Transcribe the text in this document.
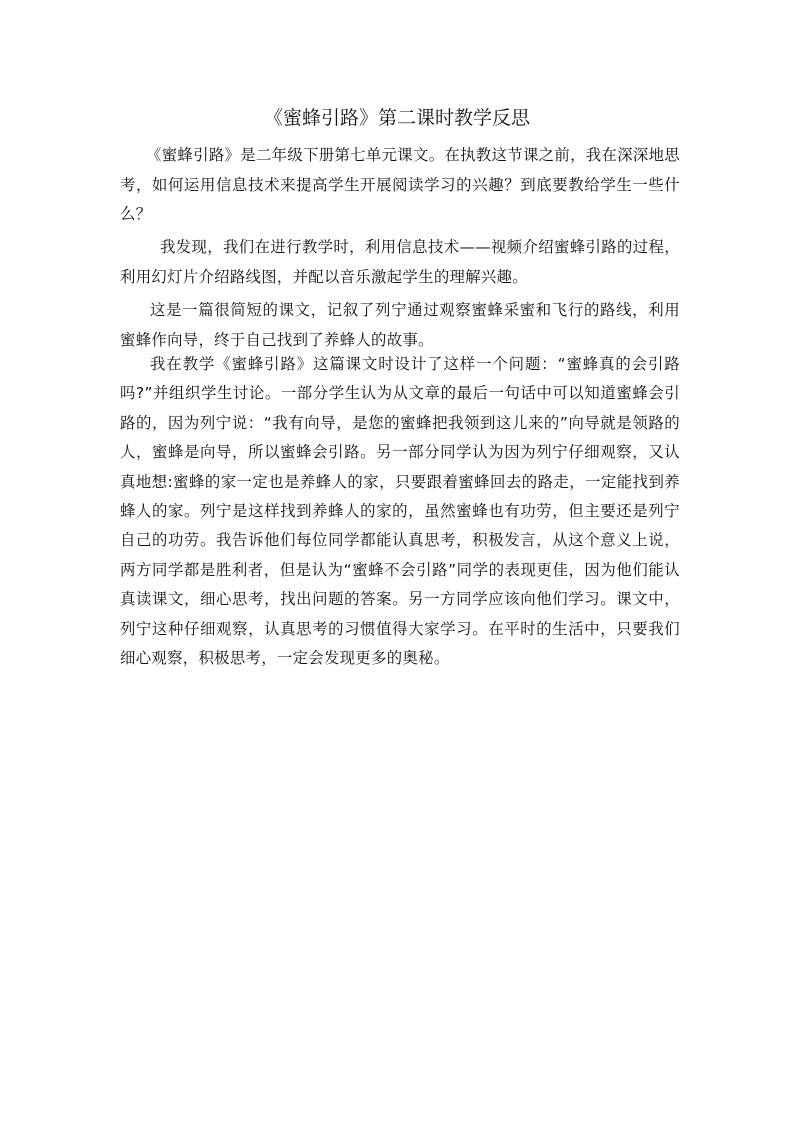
《蜜蜂引路》第二课时教学反思

《蜜蜂引路》是二年级下册第七单元课文。在执教这节课之前，我在深深地思考，如何运用信息技术来提高学生开展阅读学习的兴趣？到底要教给学生一些什么？

我发现，我们在进行教学时，利用信息技术——视频介绍蜜蜂引路的过程，利用幻灯片介绍路线图，并配以音乐激起学生的理解兴趣。

这是一篇很简短的课文，记叙了列宁通过观察蜜蜂采蜜和飞行的路线，利用蜜蜂作向导，终于自己找到了养蜂人的故事。

我在教学《蜜蜂引路》这篇课文时设计了这样一个问题：“蜜蜂真的会引路吗?”并组织学生讨论。一部分学生认为从文章的最后一句话中可以知道蜜蜂会引路的，因为列宁说：“我有向导，是您的蜜蜂把我领到这儿来的”向导就是领路的人，蜜蜂是向导，所以蜜蜂会引路。另一部分同学认为因为列宁仔细观察，又认真地想:蜜蜂的家一定也是养蜂人的家，只要跟着蜜蜂回去的路走，一定能找到养蜂人的家。列宁是这样找到养蜂人的家的，虽然蜜蜂也有功劳，但主要还是列宁自己的功劳。我告诉他们每位同学都能认真思考，积极发言，从这个意义上说，两方同学都是胜利者，但是认为“蜜蜂不会引路”同学的表现更佳，因为他们能认真读课文，细心思考，找出问题的答案。另一方同学应该向他们学习。课文中，列宁这种仔细观察，认真思考的习惯值得大家学习。在平时的生活中，只要我们细心观察，积极思考，一定会发现更多的奥秘。
